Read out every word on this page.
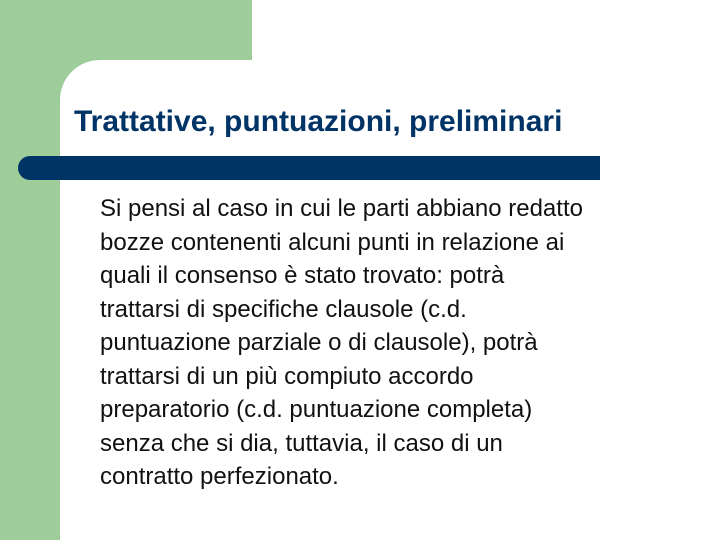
Trattative, puntuazioni, preliminari
Si pensi al caso in cui le parti abbiano redatto
bozze contenenti alcuni punti in relazione ai
quali il consenso è stato trovato: potrà
trattarsi di specifiche clausole (c.d.
puntuazione parziale o di clausole), potrà
trattarsi di un più compiuto accordo
preparatorio (c.d. puntuazione completa)
senza che si dia, tuttavia, il caso di un
contratto perfezionato.
